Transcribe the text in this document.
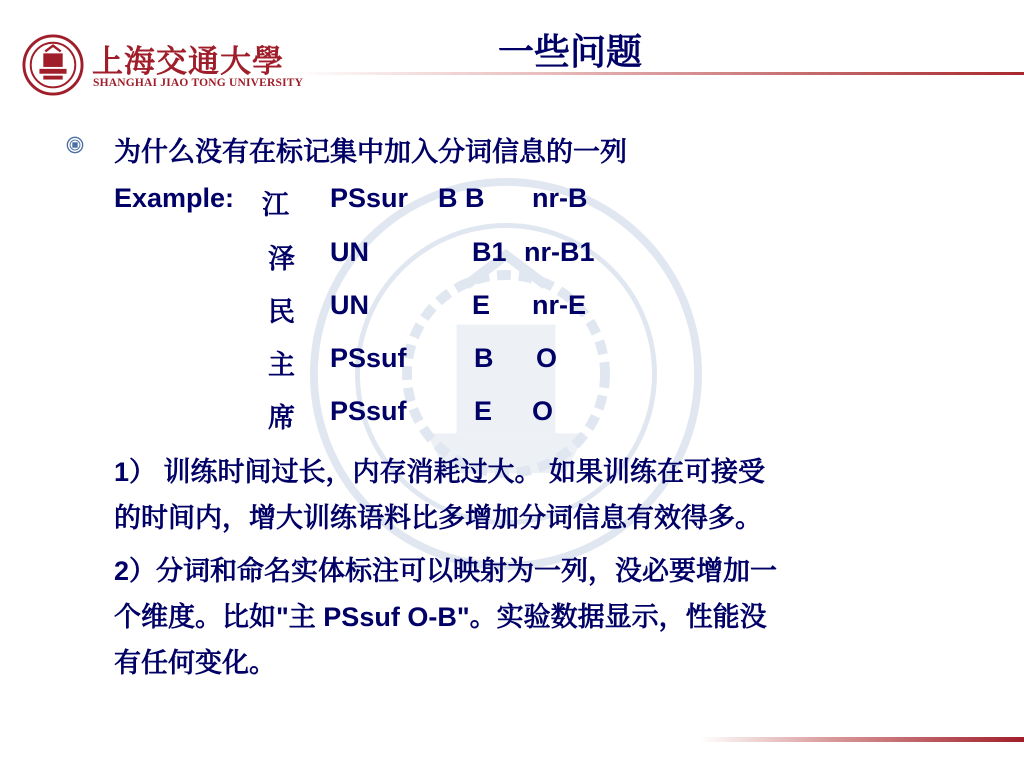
上海交通大學
SHANGHAI JIAO TONG UNIVERSITY
一些问题
为什么没有在标记集中加入分词信息的一列
Example: 江 PSsur B B nr-B
泽 UN	B1 nr-B1
民 UN	E nr-E
主 PSsuf B O
席 PSsuf E O
1） 训练时间过长，内存消耗过大。 如果训练在可接受
的时间内，增大训练语料比多增加分词信息有效得多。
2）分词和命名实体标注可以映射为一列，没必要增加一
个维度。比如"主 PSsuf O-B"。实验数据显示，性能没
有任何变化。
